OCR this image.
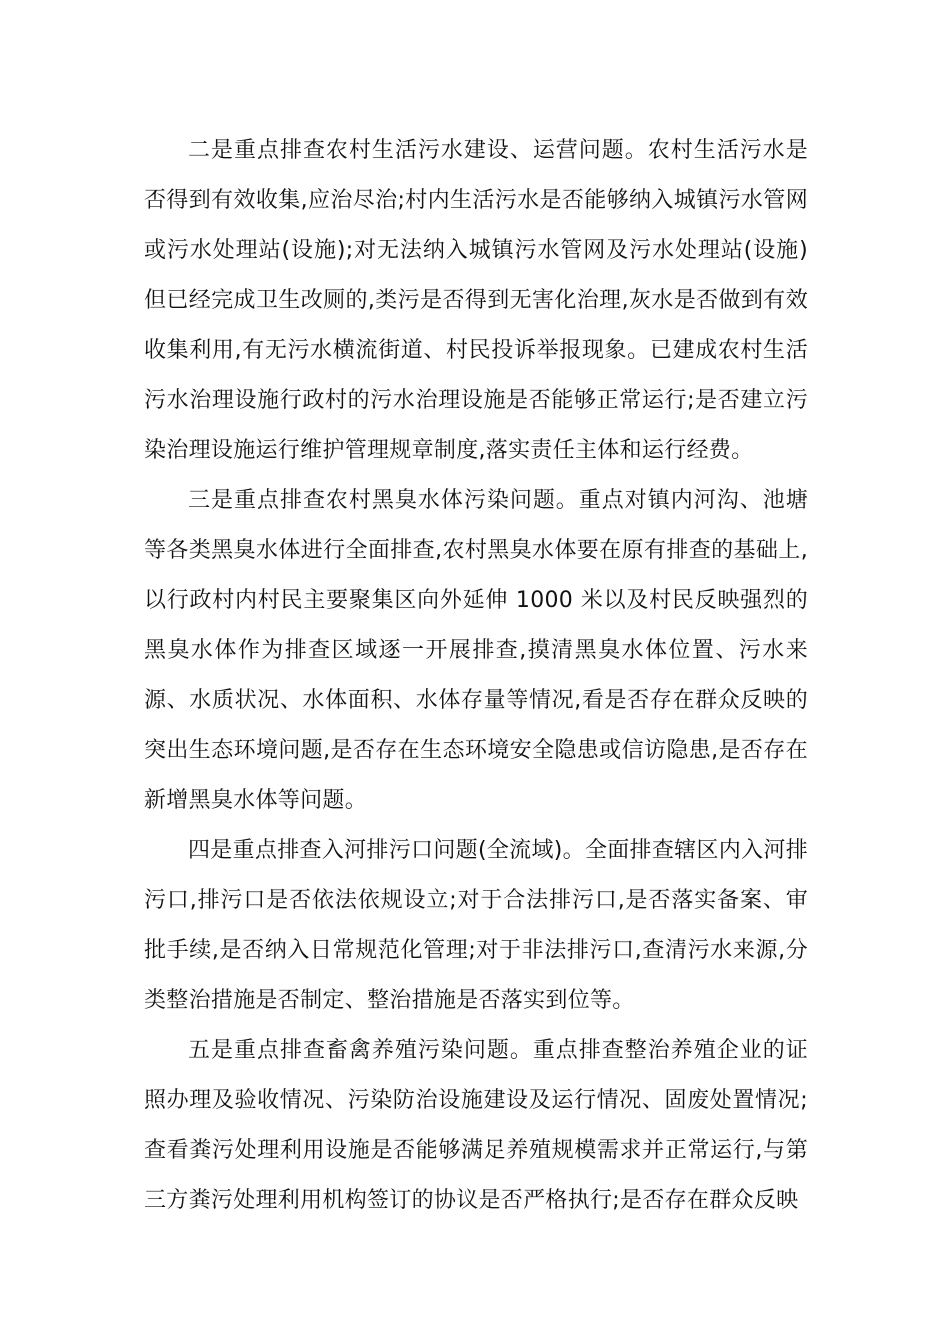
二是重点排查农村生活污水建设、运营问题。农村生活污水是否得到有效收集,应治尽治;村内生活污水是否能够纳入城镇污水管网或污水处理站(设施);对无法纳入城镇污水管网及污水处理站(设施)但已经完成卫生改厕的,类污是否得到无害化治理,灰水是否做到有效收集利用,有无污水横流街道、村民投诉举报现象。已建成农村生活污水治理设施行政村的污水治理设施是否能够正常运行;是否建立污染治理设施运行维护管理规章制度,落实责任主体和运行经费。

三是重点排查农村黑臭水体污染问题。重点对镇内河沟、池塘等各类黑臭水体进行全面排查,农村黑臭水体要在原有排查的基础上,以行政村内村民主要聚集区向外延伸 1000 米以及村民反映强烈的黑臭水体作为排查区域逐一开展排查,摸清黑臭水体位置、污水来源、水质状况、水体面积、水体存量等情况,看是否存在群众反映的突出生态环境问题,是否存在生态环境安全隐患或信访隐患,是否存在新增黑臭水体等问题。

四是重点排查入河排污口问题(全流域)。全面排查辖区内入河排污口,排污口是否依法依规设立;对于合法排污口,是否落实备案、审批手续,是否纳入日常规范化管理;对于非法排污口,查清污水来源,分类整治措施是否制定、整治措施是否落实到位等。

五是重点排查畜禽养殖污染问题。重点排查整治养殖企业的证照办理及验收情况、污染防治设施建设及运行情况、固废处置情况;查看粪污处理利用设施是否能够满足养殖规模需求并正常运行,与第三方粪污处理利用机构签订的协议是否严格执行;是否存在群众反映
